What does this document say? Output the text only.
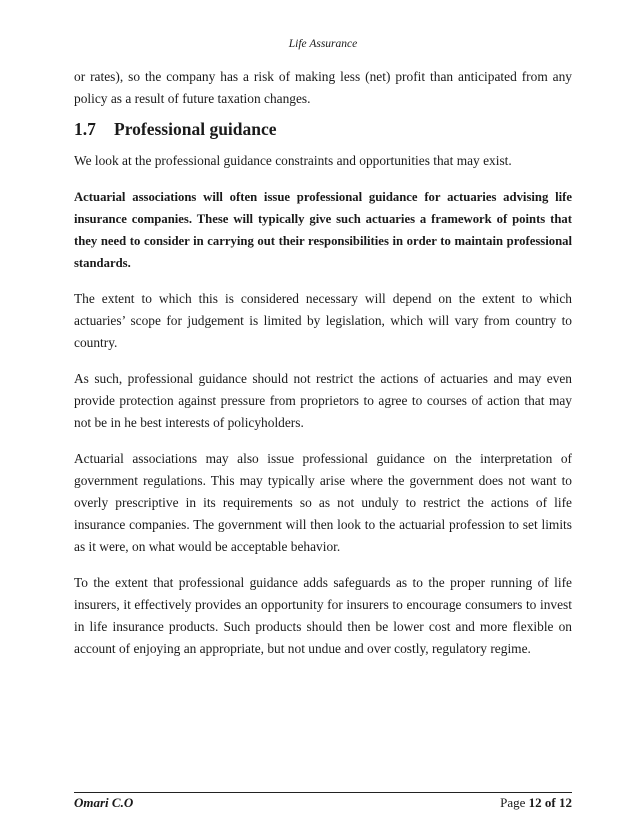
Life Assurance

or rates), so the company has a risk of making less (net) profit than anticipated from any policy as a result of future taxation changes.

1.7 Professional guidance

We look at the professional guidance constraints and opportunities that may exist.

Actuarial associations will often issue professional guidance for actuaries advising life insurance companies. These will typically give such actuaries a framework of points that they need to consider in carrying out their responsibilities in order to maintain professional standards.

The extent to which this is considered necessary will depend on the extent to which actuaries’ scope for judgement is limited by legislation, which will vary from country to country.

As such, professional guidance should not restrict the actions of actuaries and may even provide protection against pressure from proprietors to agree to courses of action that may not be in he best interests of policyholders.

Actuarial associations may also issue professional guidance on the interpretation of government regulations. This may typically arise where the government does not want to overly prescriptive in its requirements so as not unduly to restrict the actions of life insurance companies. The government will then look to the actuarial profession to set limits as it were, on what would be acceptable behavior.

To the extent that professional guidance adds safeguards as to the proper running of life insurers, it effectively provides an opportunity for insurers to encourage consumers to invest in life insurance products. Such products should then be lower cost and more flexible on account of enjoying an appropriate, but not undue and over costly, regulatory regime.

Omari C.O	Page 12 of 12
